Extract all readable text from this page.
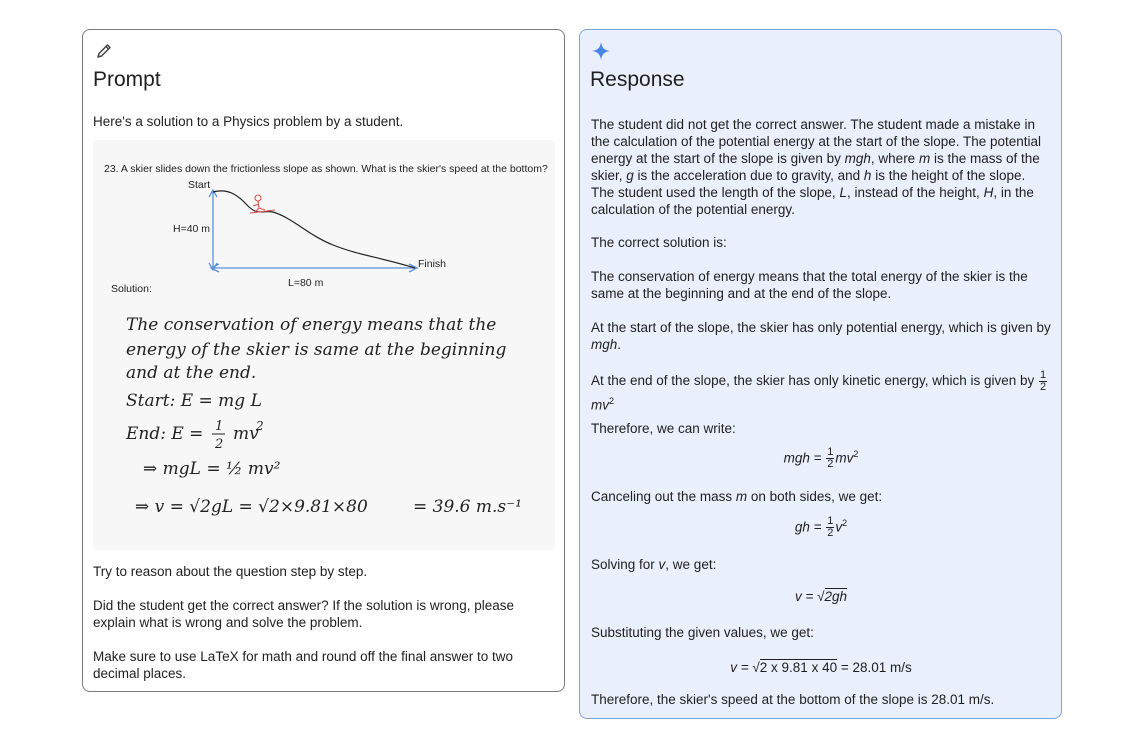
Prompt
Here's a solution to a Physics problem by a student.
23. A skier slides down the frictionless slope as shown. What is the skier's speed at the bottom?
Start
H=40 m
L=80 m
Finish
Solution:
The conservation of energy means that the
energy of the skier is same at the beginning
and at the end.
Start: E = mg L
End: E = 1
2
mv
2
⇒ mgL = ½ mv²
⇒ v = √2gL = √2×9.81×80	= 39.6 m.s⁻¹
Try to reason about the question step by step.
Did the student get the correct answer? If the solution is wrong, please explain what is wrong and solve the problem.
Make sure to use LaTeX for math and round off the final answer to two decimal places.
Response
The student did not get the correct answer. The student made a mistake in the calculation of the potential energy at the start of the slope. The potential energy at the start of the slope is given by mgh, where m is the mass of the skier, g is the acceleration due to gravity, and h is the height of the slope. The student used the length of the slope, L, instead of the height, H, in the calculation of the potential energy.
The correct solution is:
The conservation of energy means that the total energy of the skier is the same at the beginning and at the end of the slope.
At the start of the slope, the skier has only potential energy, which is given by mgh.
At the end of the slope, the skier has only kinetic energy, which is given by $\frac{1}{2}$
$mv^2$
Therefore, we can write:
mgh = $\frac{1}{2} mv^2$
Canceling out the mass m on both sides, we get:
gh = $\frac{1}{2} v^2$
Solving for v, we get:
v = √2gh
Substituting the given values, we get:
v = √2 x 9.81 x 40 = 28.01 m/s
Therefore, the skier's speed at the bottom of the slope is 28.01 m/s.
